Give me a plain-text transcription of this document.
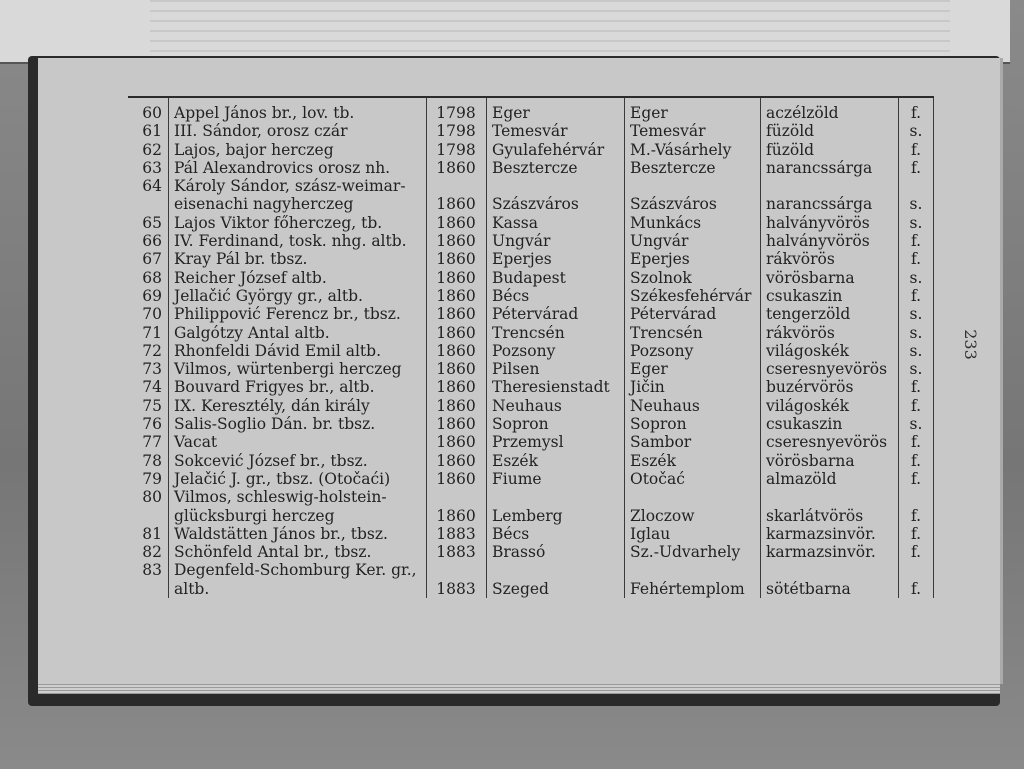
233
60	Appel János br., lov. tb.	1798	Eger	Eger	aczélzöld	f.
61	III. Sándor, orosz czár	1798	Temesvár	Temesvár	füzöld	s.
62	Lajos, bajor herczeg	1798	Gyulafehérvár	M.-Vásárhely	füzöld	f.
63	Pál Alexandrovics orosz nh.	1860	Beszterczе	Beszterczе	narancssárga	f.
64	Károly Sándor, szász-weimar-					
	eisenachi nagyherczeg	1860	Szászváros	Szászváros	narancssárga	s.
65	Lajos Viktor főherczeg, tb.	1860	Kassa	Munkács	halványvörös	s.
66	IV. Ferdinand, tosk. nhg. altb.	1860	Ungvár	Ungvár	halványvörös	f.
67	Kray Pál br. tbsz.	1860	Eperjes	Eperjes	rákvörös	f.
68	Reicher József altb.	1860	Budapest	Szolnok	vörösbarna	s.
69	Jellačić György gr., altb.	1860	Bécs	Székesfehérvár	csukaszin	f.
70	Philippović Ferencz br., tbsz.	1860	Pétervárad	Pétervárad	tengerzöld	s.
71	Galgótzy Antal altb.	1860	Trencsén	Trencsén	rákvörös	s.
72	Rhonfeldi Dávid Emil altb.	1860	Pozsony	Pozsony	világoskék	s.
73	Vilmos, würtenbergi herczeg	1860	Pilsen	Eger	cseresnyevörös	s.
74	Bouvard Frigyes br., altb.	1860	Theresienstadt	Jičin	buzérvörös	f.
75	IX. Keresztély, dán király	1860	Neuhaus	Neuhaus	világoskék	f.
76	Salis-Soglio Dán. br. tbsz.	1860	Sopron	Sopron	csukaszin	s.
77	Vacat	1860	Przemysl	Sambor	cseresnyevörös	f.
78	Sokcević József br., tbsz.	1860	Eszék	Eszék	vörösbarna	f.
79	Jelačić J. gr., tbsz. (Otočaći)	1860	Fiume	Otočać	almazöld	f.
80	Vilmos, schleswig-holstein-					
	glücksburgi herczeg	1860	Lemberg	Zloczow	skarlátvörös	f.
81	Waldstätten János br., tbsz.	1883	Bécs	Iglau	karmazsinvör.	f.
82	Schönfeld Antal br., tbsz.	1883	Brassó	Sz.-Udvarhely	karmazsinvör.	f.
83	Degenfeld-Schomburg Ker. gr.,					
	altb.	1883	Szeged	Fehértemplom	sötétbarna	f.
